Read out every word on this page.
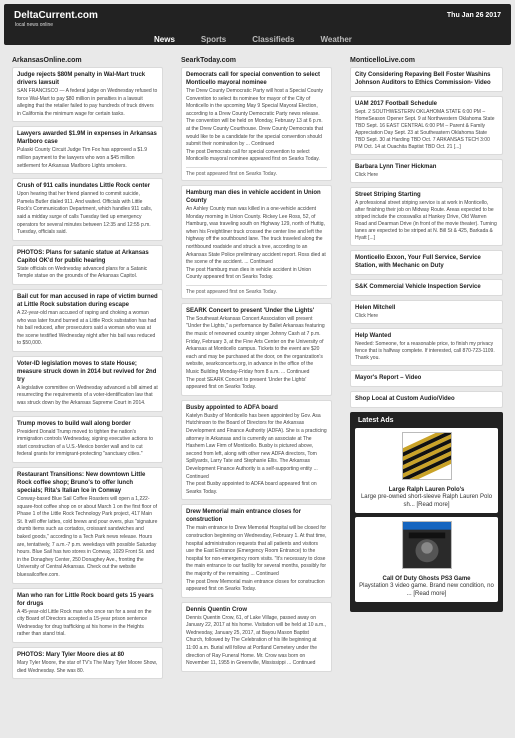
DeltaCurrent.com
local news online
Thu Jan 26 2017
News	Sports	Classifieds	Weather
ArkansasOnline.com
Judge rejects $80M penalty in Wal-Mart truck drivers lawsuit
SAN FRANCISCO — A federal judge on Wednesday refused to force Wal-Mart to pay $80 million in penalties in a lawsuit alleging that the retailer failed to pay hundreds of truck drivers in California the minimum wage for certain tasks.
Lawyers awarded $1.9M in expenses in Arkansas Marlboro case
Pulaski County Circuit Judge Tim Fox has approved a $1.9 million payment to the lawyers who won a $45 million settlement for Arkansas Marlboro Lights smokers.
Crush of 911 calls inundates Little Rock center
Upon hearing that her friend planned to commit suicide, Pamela Butler dialed 911. And waited. Officials with Little Rock's Communication Department, which handles 911 calls, said a midday surge of calls Tuesday tied up emergency operators for several minutes between 12:35 and 12:55 p.m. Tuesday, officials said.
PHOTOS: Plans for satanic statue at Arkansas Capitol OK'd for public hearing
State officials on Wednesday advanced plans for a Satanic Temple statue on the grounds of the Arkansas Capitol.
Bail cut for man accused in rape of victim burned at Little Rock substation during escape
A 22-year-old man accused of raping and choking a woman who was later found burned at a Little Rock substation has had his bail reduced, after prosecutors said a woman who was at the scene testified Wednesday night after his bail was reduced to $50,000.
Voter-ID legislation moves to state House; measure struck down in 2014 but revived for 2nd try
A legislative committee on Wednesday advanced a bill aimed at resurrecting the requirements of a voter-identification law that was struck down by the Arkansas Supreme Court in 2014.
Trump moves to build wall along border
President Donald Trump moved to tighten the nation's immigration controls Wednesday, signing executive actions to start construction of a U.S.-Mexico border wall and to cut federal grants for immigrant-protecting "sanctuary cities."
Restaurant Transitions: New downtown Little Rock coffee shop; Bruno's to offer lunch specials; Rita's Italian Ice in Conway
Conway-based Blue Sail Coffee Roasters will open a 1,222-square-foot coffee shop on or about March 1 on the first floor of Phase 1 of the Little Rock Technology Park project, 417 Main St. It will offer lattes, cold brews and pour overs, plus "signature drumb items such as cortados, croissant sandwiches and baked goods," according to a Tech Park news release. Hours are, tentatively, 7 a.m.-7 p.m. weekdays with possible Saturday hours. Blue Sail has two stores in Conway, 1029 Front St. and in the Donaghey Center, 250 Donaghey Ave., fronting the University of Central Arkansas. Check out the website bluesailcoffee.com.
Man who ran for Little Rock board gets 15 years for drugs
A 45-year-old Little Rock man who once ran for a seat on the city Board of Directors accepted a 15-year prison sentence Wednesday for drug trafficking at his home in the Heights rather than stand trial.
PHOTOS: Mary Tyler Moore dies at 80
Mary Tyler Moore, the star of TV's The Mary Tyler Moore Show, died Wednesday. She was 80.
SearkToday.com
Democrats call for special convention to select Monticello mayoral nominee
The Drew County Democratic Party will host a Special County Convention to select its nominee for mayor of the City of Monticello in the upcoming May 9 Special Mayoral Election, according to a Drew County Democratic Party news release. The convention will be held on Monday, February 13 at 6 p.m. at the Drew County Courthouse. Drew County Democrats that would like to be a candidate for the special convention should submit their nomination by ... Continued
The post Democrats call for special convention to select Monticello mayoral nominee appeared first on Searks Today.
The post appeared first on Searks Today.
Hamburg man dies in vehicle accident in Union County
An Ashley County man was killed in a one-vehicle accident Monday morning in Union County. Rickey Lee Ross, 52, of Hamburg, was traveling south on Highway 129, north of Huttig, when his Freightliner truck crossed the center line and left the highway off the southbound lane. The truck traveled along the northbound roadside and struck a tree, according to an Arkansas State Police preliminary accident report. Ross died at the scene of the accident. ... Continued
The post Hamburg man dies in vehicle accident in Union County appeared first on Searks Today.
The post appeared first on Searks Today.
SEARK Concert to present 'Under the Lights'
The Southeast Arkansas Concert Association will present "Under the Lights," a performance by Ballet Arkansas featuring the music of renowned country singer Johnny Cash at 7 p.m. Friday, February 3, at the Fine Arts Center on the University of Arkansas at Monticello campus. Tickets to the event are $20 each and may be purchased at the door, on the organization's website, searkconcerts.org, in advance in the office of the Music Building Monday-Friday from 8 a.m. ... Continued
The post SEARK Concert to present 'Under the Lights' appeared first on Searks Today.
Busby appointed to ADFA board
Katelyn Busby of Monticello has been appointed by Gov. Asa Hutchinson to the Board of Directors for the Arkansas Development and Finance Authority (ADFA). She is a practicing attorney in Arkansas and is currently an associate at The Hashem Law Firm of Monticello. Busby is pictured above, second from left, along with other new ADFA directors, Tom Spillyards, Larry Tate and Stephanie Ellis. The Arkansas Development Finance Authority is a self-supporting entity ... Continued
The post Busby appointed to ADFA board appeared first on Searks Today.
Drew Memorial main entrance closes for construction
The main entrance to Drew Memorial Hospital will be closed for construction beginning on Wednesday, February 1. At that time, hospital administration requests that all patients and visitors use the East Entrance (Emergency Room Entrance) to the hospital for non-emergency room visits. "It's necessary to close the main entrance to our facility for several months, possibly for the majority of the remaining ... Continued
The post Drew Memorial main entrance closes for construction appeared first on Searks Today.
Dennis Quentin Crow
Dennis Quentin Crow, 61, of Lake Village, passed away on January 22, 2017 at his home. Visitation will be held at 10 a.m., Wednesday, January 25, 2017, at Bayou Mason Baptist Church, followed by The Celebration of his life beginning at 11:00 a.m. Burial will follow at Portland Cemetery under the direction of Ray Funeral Home. Mr. Crow was born on November 11, 1955 in Greenville, Mississippi ... Continued
MonticelloLive.com
City Considering Repaving Bell Foster Washins Johnson Auditors to Ethics Commission- Video
UAM 2017 Football Schedule
Sept. 2 SOUTHWESTERN OKLAHOMA STATE 6:00 PM – HomeSeason Opener Sept. 9 at Northwestern Oklahoma State TBD Sept. 16 EAST CENTRAL 6:00 PM – Parent & Family Appreciation Day Sept. 23 at Southeastern Oklahoma State TBD Sept. 30 at Harding TBD Oct. 7 ARKANSAS TECH 3:00 PM Oct. 14 at Ouachita Baptist TBD Oct. 21 [...]
Barbara Lynn Tiner Hickman
Click Here
Street Striping Starting
A professional street striping service is at work in Monticello, after finishing their job on Midway Route. Areas expected to be striped include the crosswalks at Hankey Drive, Old Warren Road and Dearman Drive (in front of the movie theater). Turning lanes are expected to be striped at N. Bill St & 425, Barkada & Hyatt [...]
Monticello Exxon, Your Full Service, Service Station, with Mechanic on Duty
S&K Commercial Vehicle Inspection Service
Helen Mitchell
Click Here
Help Wanted
Needed: Someone, for a reasonable price, to finish my privacy fence that is halfway complete. If interested, call 870-723-1109. Thank you.
Mayor's Report – Video
Shop Local at Custom Audio/Video
Latest Ads
Large Ralph Lauren Polo's
Large pre-owned short-sleeve Ralph Lauren Polo sh... [Read more]
Call Of Duty Ghosts PS3 Game
Playstation 3 video game. Brand new condition, no ... [Read more]
